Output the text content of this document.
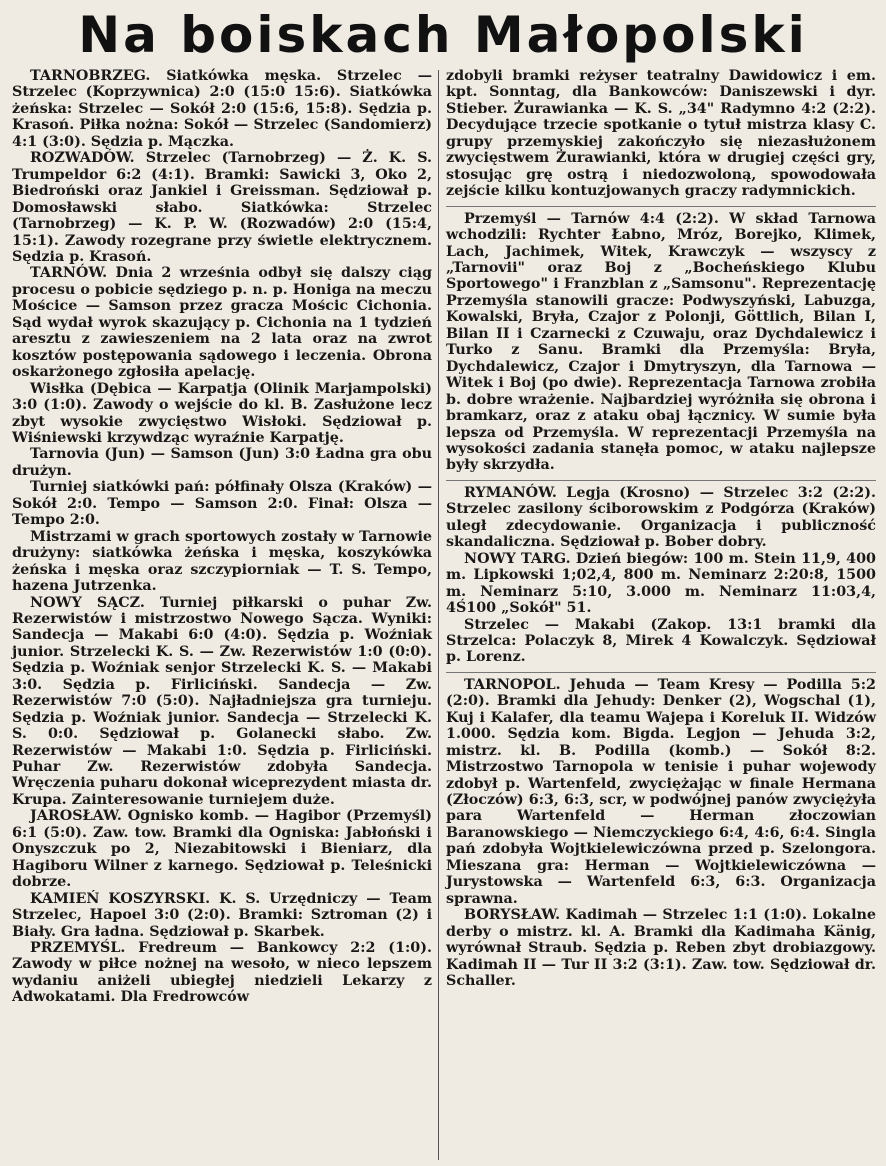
Na boiskach Małopolski

TARNOBRZEG. Siatkówka męska. Strzelec — Strzelec (Koprzywnica) 2:0 (15:0 15:6). Siatkówka żeńska: Strzelec — Sokół 2:0 (15:6, 15:8). Sędzia p. Krasoń. Piłka nożna: Sokół — Strzelec (Sandomierz) 4:1 (3:0). Sędzia p. Mączka.

ROZWADÓW. Strzelec (Tarnobrzeg) — Ż. K. S. Trumpeldor 6:2 (4:1). Bramki: Sawicki 3, Oko 2, Biedroński oraz Jankiel i Greissman. Sędziował p. Domosławski słabo. Siatkówka: Strzelec (Tarnobrzeg) — K. P. W. (Rozwadów) 2:0 (15:4, 15:1). Zawody rozegrane przy świetle elektrycznem. Sędzia p. Krasoń.

TARNÓW. Dnia 2 września odbył się dalszy ciąg procesu o pobicie sędziego p. n. p. Honiga na meczu Mościce — Samson przez gracza Mościc Cichonia. Sąd wydał wyrok skazujący p. Cichonia na 1 tydzień aresztu z zawieszeniem na 2 lata oraz na zwrot kosztów postępowania sądowego i leczenia. Obrona oskarżonego zgłosiła apelację.

Wisłka (Dębica — Karpatja (Olinik Marjampolski) 3:0 (1:0). Zawody o wejście do kl. B. Zasłużone lecz zbyt wysokie zwycięstwo Wisłoki. Sędziował p. Wiśniewski krzywdząc wyraźnie Karpatję.

Tarnovia (Jun) — Samson (Jun) 3:0 Ładna gra obu drużyn.

Turniej siatkówki pań: półfinały Olsza (Kraków) — Sokół 2:0. Tempo — Samson 2:0. Finał: Olsza — Tempo 2:0.

Mistrzami w grach sportowych zostały w Tarnowie drużyny: siatkówka żeńska i męska, koszykówka żeńska i męska oraz szczypiorniak — T. S. Tempo, hazena Jutrzenka.

NOWY SĄCZ. Turniej piłkarski o puhar Zw. Rezerwistów i mistrzostwo Nowego Sącza. Wyniki: Sandecja — Makabi 6:0 (4:0). Sędzia p. Woźniak junior. Strzelecki K. S. — Zw. Rezerwistów 1:0 (0:0). Sędzia p. Woźniak senjor Strzelecki K. S. — Makabi 3:0. Sędzia p. Firliciński. Sandecja — Zw. Rezerwistów 7:0 (5:0). Najładniejsza gra turnieju. Sędzia p. Woźniak junior. Sandecja — Strzelecki K. S. 0:0. Sędziował p. Golanecki słabo. Zw. Rezerwistów — Makabi 1:0. Sędzia p. Firliciński. Puhar Zw. Rezerwistów zdobyła Sandecja. Wręczenia puharu dokonał wiceprezydent miasta dr. Krupa. Zainteresowanie turniejem duże.

JAROSŁAW. Ognisko komb. — Hagibor (Przemyśl) 6:1 (5:0). Zaw. tow. Bramki dla Ogniska: Jabłoński i Onyszczuk po 2, Niezabitowski i Bieniarz, dla Hagiboru Wilner z karnego. Sędziował p. Teleśnicki dobrze.

KAMIEŃ KOSZYRSKI. K. S. Urzędniczy — Team Strzelec, Hapoel 3:0 (2:0). Bramki: Sztroman (2) i Biały. Gra ładna. Sędziował p. Skarbek.

PRZEMYŚL. Fredreum — Bankowcy 2:2 (1:0). Zawody w piłce nożnej na wesoło, w nieco lepszem wydaniu aniżeli ubiegłej niedzieli Lekarzy z Adwokatami. Dla Fredrowców

zdobyli bramki reżyser teatralny Dawidowicz i em. kpt. Sonntag, dla Bankowców: Daniszewski i dyr. Stieber. Żurawianka — K. S. „34" Radymno 4:2 (2:2). Decydujące trzecie spotkanie o tytuł mistrza klasy C. grupy przemyskiej zakończyło się niezasłużonem zwycięstwem Żurawianki, która w drugiej części gry, stosując grę ostrą i niedozwoloną, spowodowała zejście kilku kontuzjowanych graczy radymnickich.

Przemyśl — Tarnów 4:4 (2:2). W skład Tarnowa wchodzili: Rychter Łabno, Mróz, Borejko, Klimek, Lach, Jachimek, Witek, Krawczyk — wszyscy z „Tarnovii" oraz Boj z „Bocheńskiego Klubu Sportowego" i Franzblan z „Samsonu". Reprezentację Przemyśla stanowili gracze: Podwyszyński, Labuzga, Kowalski, Bryła, Czajor z Polonji, Göttlich, Bilan I, Bilan II i Czarnecki z Czuwaju, oraz Dychdalewicz i Turko z Sanu. Bramki dla Przemyśla: Bryła, Dychdalewicz, Czajor i Dmytryszyn, dla Tarnowa — Witek i Boj (po dwie). Reprezentacja Tarnowa zrobiła b. dobre wrażenie. Najbardziej wyróżniła się obrona i bramkarz, oraz z ataku obaj łącznicy. W sumie była lepsza od Przemyśla. W reprezentacji Przemyśla na wysokości zadania stanęła pomoc, w ataku najlepsze były skrzydła.

RYMANÓW. Legja (Krosno) — Strzelec 3:2 (2:2). Strzelec zasilony ściborowskim z Podgórza (Kraków) uległ zdecydowanie. Organizacja i publiczność skandaliczna. Sędziował p. Bober dobry.

NOWY TARG. Dzień biegów: 100 m. Stein 11,9, 400 m. Lipkowski 1;02,4, 800 m. Neminarz 2:20:8, 1500 m. Neminarz 5:10, 3.000 m. Neminarz 11:03,4, 4Ś100 „Sokół" 51.

Strzelec — Makabi (Zakop. 13:1 bramki dla Strzelca: Polaczyk 8, Mirek 4 Kowalczyk. Sędziował p. Lorenz.

TARNOPOL. Jehuda — Team Kresy — Podilla 5:2 (2:0). Bramki dla Jehudy: Denker (2), Wogschal (1), Kuj i Kalafer, dla teamu Wajepa i Koreluk II. Widzów 1.000. Sędzia kom. Bigda. Legjon — Jehuda 3:2, mistrz. kl. B. Podilla (komb.) — Sokół 8:2. Mistrzostwo Tarnopola w tenisie i puhar wojewody zdobył p. Wartenfeld, zwyciężając w finale Hermana (Złoczów) 6:3, 6:3, scr, w podwójnej panów zwyciężyła para Wartenfeld — Herman złoczowian Baranowskiego — Niemczyckiego 6:4, 4:6, 6:4. Singla pań zdobyła Wojtkielewiczówna przed p. Szelongora. Mieszana gra: Herman — Wojtkielewiczówna — Jurystowska — Wartenfeld 6:3, 6:3. Organizacja sprawna.

BORYSŁAW. Kadimah — Strzelec 1:1 (1:0). Lokalne derby o mistrz. kl. A. Bramki dla Kadimaha Känig, wyrównał Straub. Sędzia p. Reben zbyt drobiazgowy. Kadimah II — Tur II 3:2 (3:1). Zaw. tow. Sędziował dr. Schaller.
